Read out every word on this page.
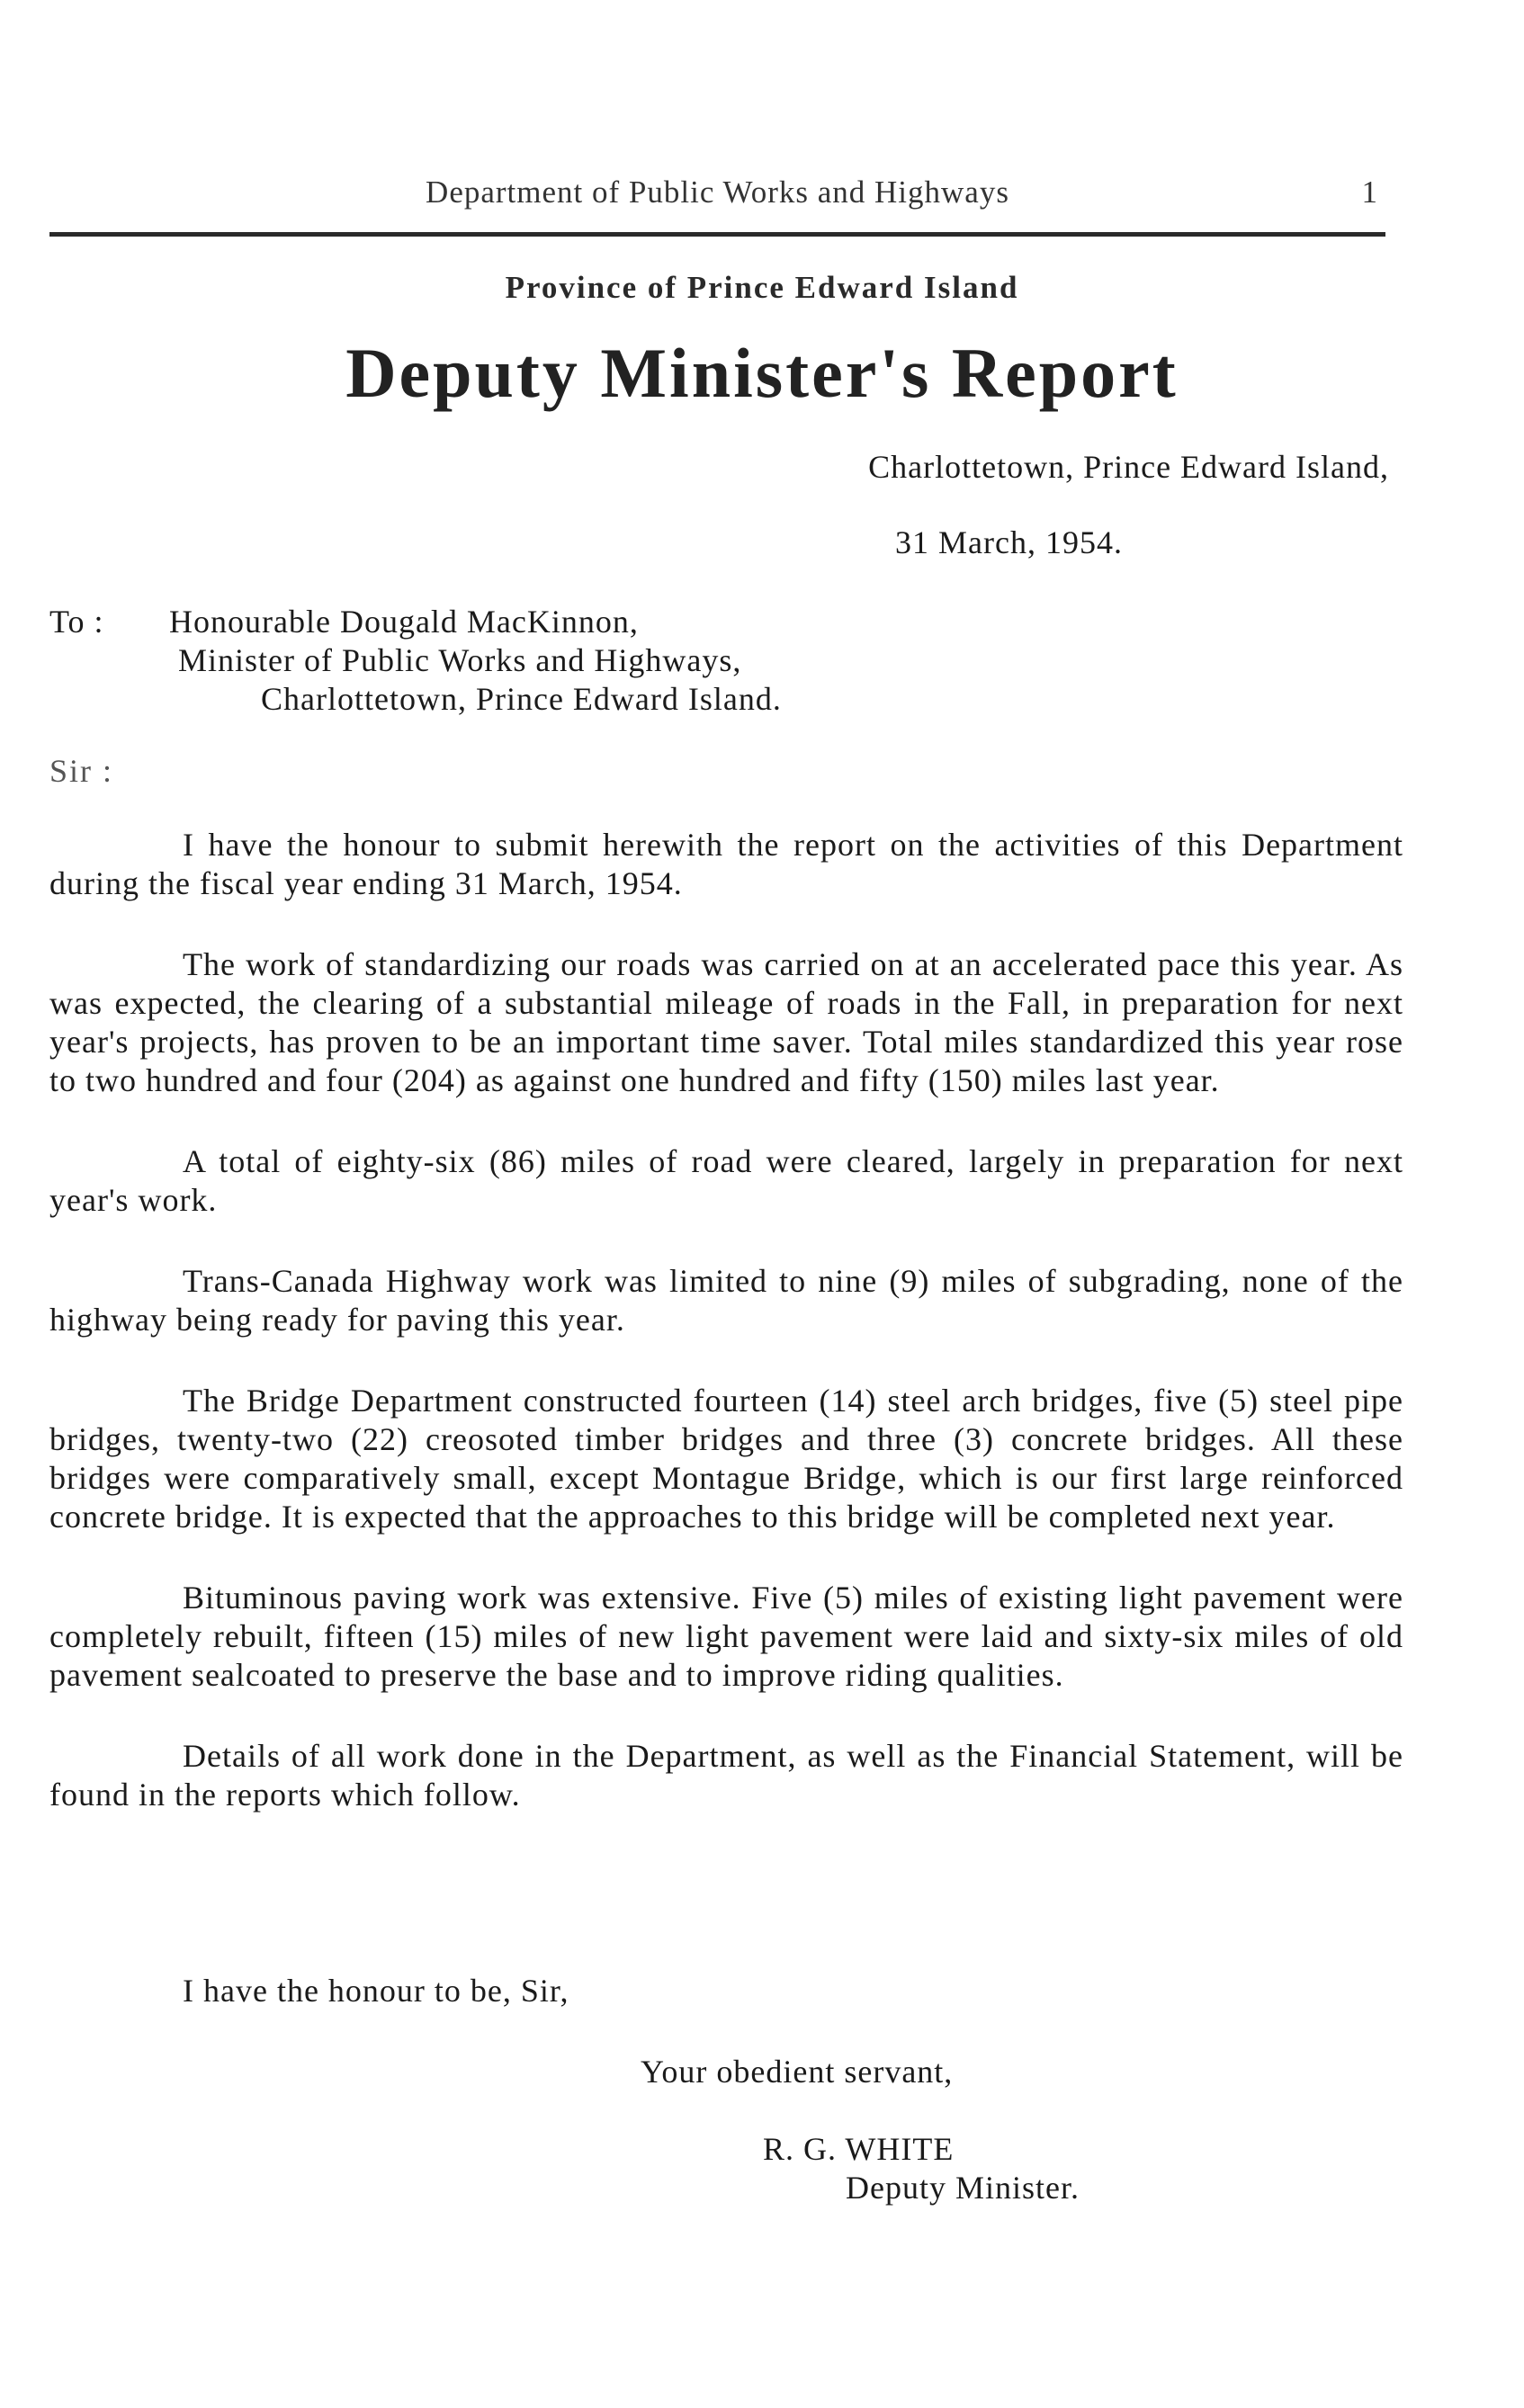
Department of Public Works and Highways	1
Province of Prince Edward Island
Deputy Minister's Report
Charlottetown, Prince Edward Island,
31 March, 1954.
To : Honourable Dougald MacKinnon,
Minister of Public Works and Highways,
Charlottetown, Prince Edward Island.
Sir :

I have the honour to submit herewith the report on the activities of this Department during the fiscal year ending 31 March, 1954.

The work of standardizing our roads was carried on at an accelerated pace this year. As was expected, the clearing of a substantial mileage of roads in the Fall, in preparation for next year's projects, has proven to be an important time saver. Total miles standardized this year rose to two hundred and four (204) as against one hundred and fifty (150) miles last year.

A total of eighty-six (86) miles of road were cleared, largely in preparation for next year's work.

Trans-Canada Highway work was limited to nine (9) miles of subgrading, none of the highway being ready for paving this year.

The Bridge Department constructed fourteen (14) steel arch bridges, five (5) steel pipe bridges, twenty-two (22) creosoted timber bridges and three (3) concrete bridges. All these bridges were comparatively small, except Montague Bridge, which is our first large reinforced concrete bridge. It is expected that the approaches to this bridge will be completed next year.

Bituminous paving work was extensive. Five (5) miles of existing light pavement were completely rebuilt, fifteen (15) miles of new light pavement were laid and sixty-six miles of old pavement sealcoated to preserve the base and to improve riding qualities.

Details of all work done in the Department, as well as the Financial Statement, will be found in the reports which follow.

I have the honour to be, Sir,
Your obedient servant,
R. G. WHITE
Deputy Minister.
